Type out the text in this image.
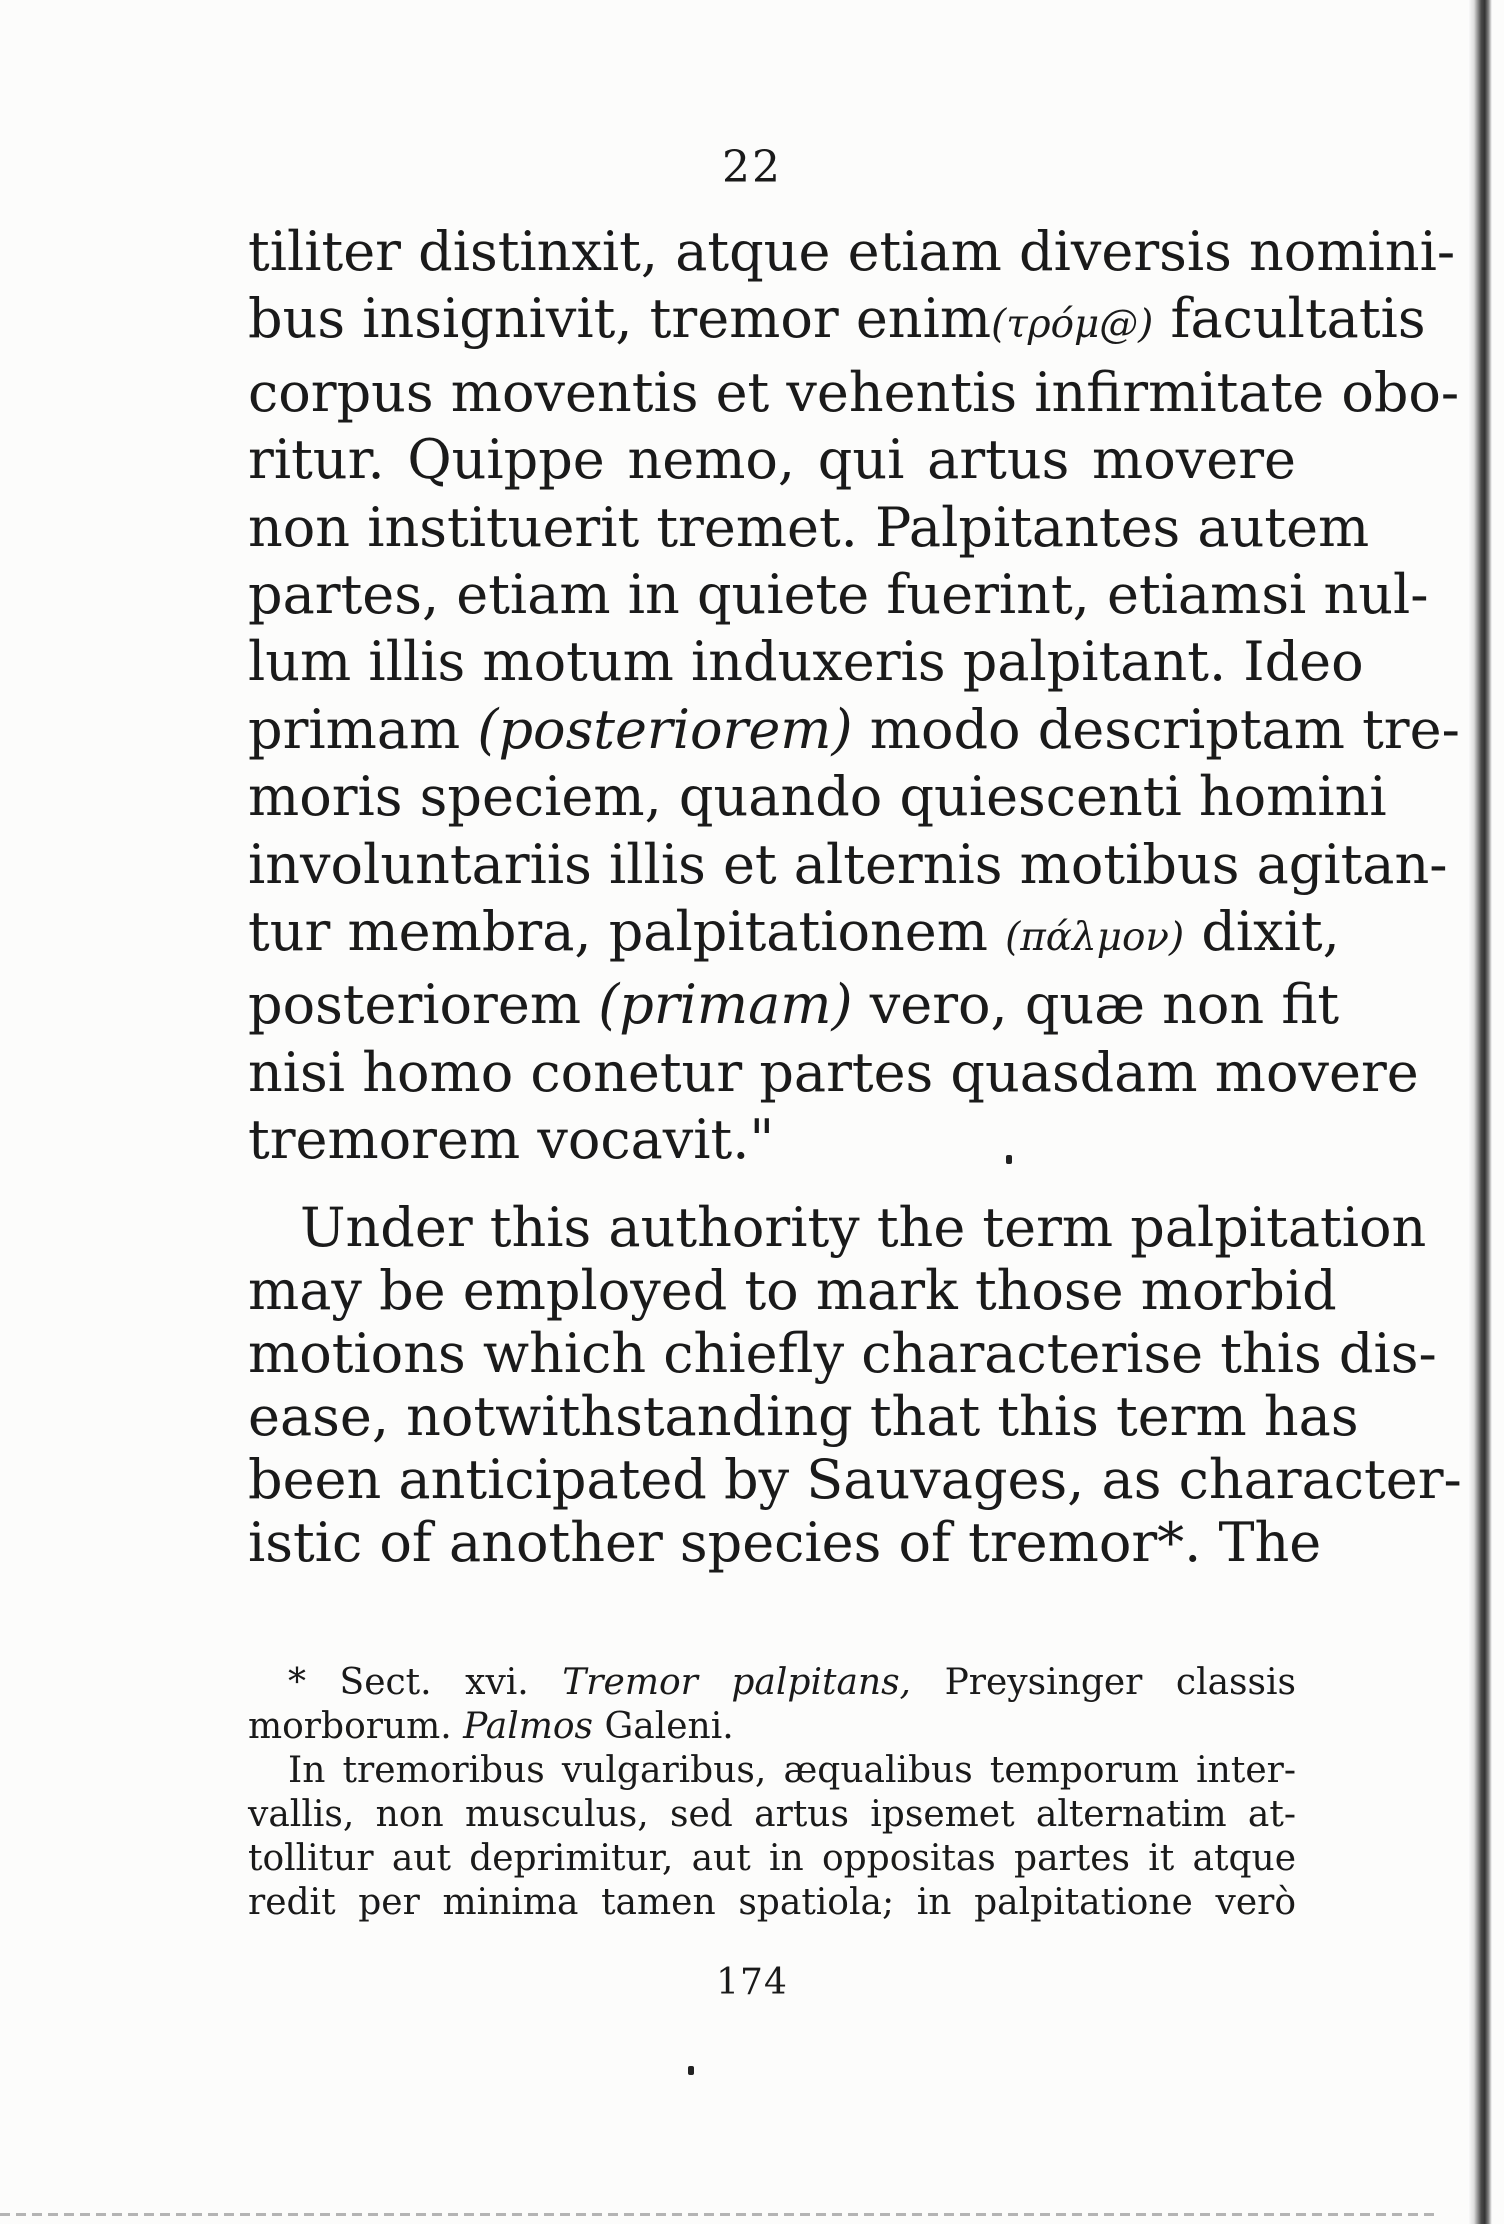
22
tiliter distinxit, atque etiam diversis nomini-
bus insignivit, tremor enim(τρόμ@) facultatis
corpus moventis et vehentis infirmitate obo-
ritur. Quippe nemo, qui artus movere
non instituerit tremet. Palpitantes autem
partes, etiam in quiete fuerint, etiamsi nul-
lum illis motum induxeris palpitant. Ideo
primam (posteriorem) modo descriptam tre-
moris speciem, quando quiescenti homini
involuntariis illis et alternis motibus agitan-
tur membra, palpitationem (πάλμον) dixit,
posteriorem (primam) vero, quæ non fit
nisi homo conetur partes quasdam movere
tremorem vocavit."
Under this authority the term palpitation
may be employed to mark those morbid
motions which chiefly characterise this dis-
ease, notwithstanding that this term has
been anticipated by Sauvages, as character-
istic of another species of tremor*. The
* Sect. xvi. Tremor palpitans, Preysinger classis
morborum. Palmos Galeni.
In tremoribus vulgaribus, æqualibus temporum inter-
vallis, non musculus, sed artus ipsemet alternatim at-
tollitur aut deprimitur, aut in oppositas partes it atque
redit per minima tamen spatiola; in palpitatione verò
174
